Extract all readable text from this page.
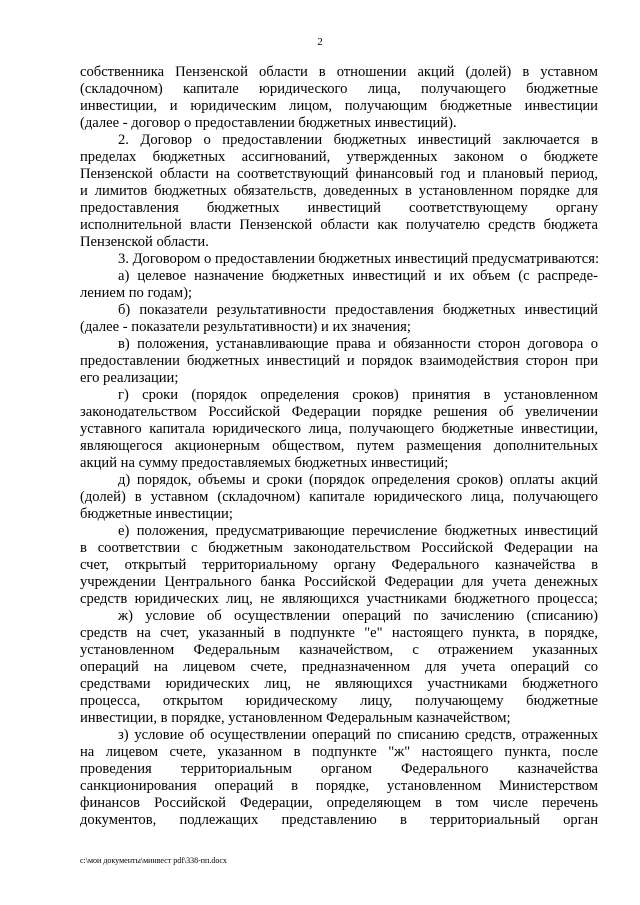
2
собственника Пензенской области в отношении акций (долей) в уставном
(складочном) капитале юридического лица, получающего бюджетные
инвестиции, и юридическим лицом, получающим бюджетные инвестиции
(далее - договор о предоставлении бюджетных инвестиций).
2. Договор о предоставлении бюджетных инвестиций заключается в
пределах бюджетных ассигнований, утвержденных законом о бюджете
Пензенской области на соответствующий финансовый год и плановый период,
и лимитов бюджетных обязательств, доведенных в установленном порядке для
предоставления бюджетных инвестиций соответствующему органу
исполнительной власти Пензенской области как получателю средств бюджета
Пензенской области.
3. Договором о предоставлении бюджетных инвестиций предусматриваются:
а) целевое назначение бюджетных инвестиций и их объем (с распреде-
лением по годам);
б) показатели результативности предоставления бюджетных инвестиций
(далее - показатели результативности) и их значения;
в) положения, устанавливающие права и обязанности сторон договора о
предоставлении бюджетных инвестиций и порядок взаимодействия сторон при
его реализации;
г) сроки (порядок определения сроков) принятия в установленном
законодательством Российской Федерации порядке решения об увеличении
уставного капитала юридического лица, получающего бюджетные инвестиции,
являющегося акционерным обществом, путем размещения дополнительных
акций на сумму предоставляемых бюджетных инвестиций;
д) порядок, объемы и сроки (порядок определения сроков) оплаты акций
(долей) в уставном (складочном) капитале юридического лица, получающего
бюджетные инвестиции;
е) положения, предусматривающие перечисление бюджетных инвестиций
в соответствии с бюджетным законодательством Российской Федерации на
счет, открытый территориальному органу Федерального казначейства в
учреждении Центрального банка Российской Федерации для учета денежных
средств юридических лиц, не являющихся участниками бюджетного процесса;
ж) условие об осуществлении операций по зачислению (списанию)
средств на счет, указанный в подпункте "е" настоящего пункта, в порядке,
установленном Федеральным казначейством, с отражением указанных
операций на лицевом счете, предназначенном для учета операций со
средствами юридических лиц, не являющихся участниками бюджетного
процесса, открытом юридическому лицу, получающему бюджетные
инвестиции, в порядке, установленном Федеральным казначейством;
з) условие об осуществлении операций по списанию средств, отраженных
на лицевом счете, указанном в подпункте "ж" настоящего пункта, после
проведения территориальным органом Федерального казначейства
санкционирования операций в порядке, установленном Министерством
финансов Российской Федерации, определяющем в том числе перечень
документов, подлежащих представлению в территориальный орган
c:\мои документы\минвест pdf\338-пп.docx
